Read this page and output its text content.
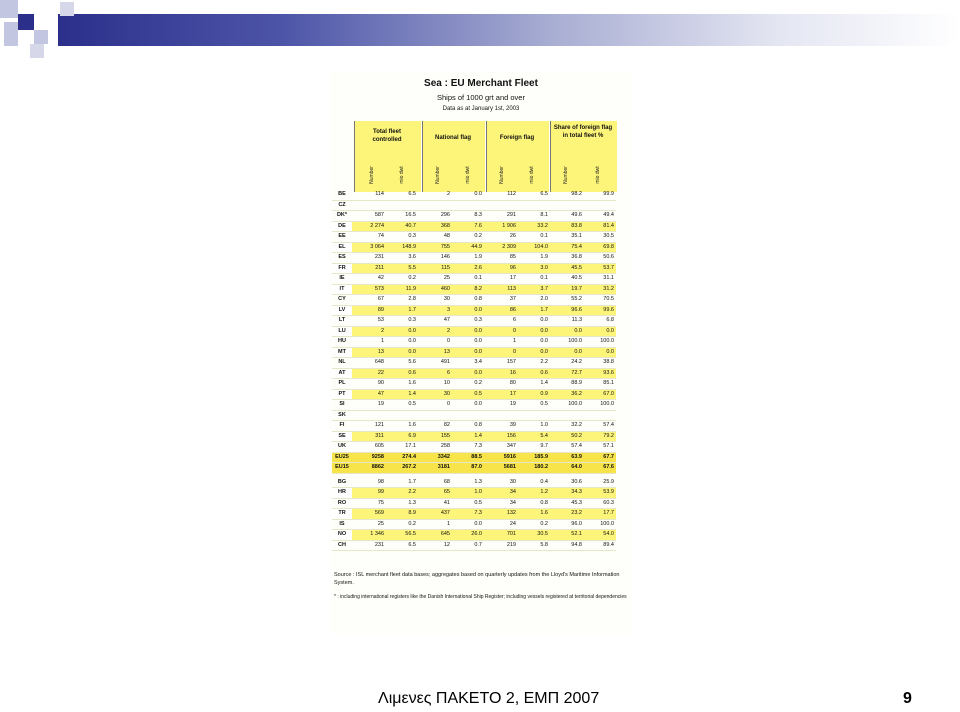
Sea : EU Merchant Fleet
Ships of 1000 grt and over
Data as at January 1st, 2003
Total fleet controlled	National flag	Foreign flag
Share of foreign flag in total fleet %
Number	mio dwt	Number	mio dwt	Number	mio dwt	Number	mio dwt
BE	114	6.5	2	0.0	112	6.5	98.2	99.9
CZ								
DK*	587	16.5	296	8.3	291	8.1	49.6	49.4
DE	2 274	40.7	368	7.6	1 906	33.2	83.8	81.4
EE	74	0.3	48	0.2	26	0.1	35.1	30.5
EL	3 064	148.9	755	44.9	2 309	104.0	75.4	69.8
ES	231	3.6	146	1.9	85	1.9	36.8	50.6
FR	211	5.5	115	2.6	96	3.0	45.5	53.7
IE	42	0.2	25	0.1	17	0.1	40.5	31.1
IT	573	11.9	460	8.2	113	3.7	19.7	31.2
CY	67	2.8	30	0.8	37	2.0	55.2	70.5
LV	89	1.7	3	0.0	86	1.7	96.6	99.6
LT	53	0.3	47	0.3	6	0.0	11.3	6.8
LU	2	0.0	2	0.0	0	0.0	0.0	0.0
HU	1	0.0	0	0.0	1	0.0	100.0	100.0
MT	13	0.0	13	0.0	0	0.0	0.0	0.0
NL	648	5.6	491	3.4	157	2.2	24.2	38.8
AT	22	0.6	6	0.0	16	0.6	72.7	93.6
PL	90	1.6	10	0.2	80	1.4	88.9	85.1
PT	47	1.4	30	0.5	17	0.9	36.2	67.0
SI	19	0.5	0	0.0	19	0.5	100.0	100.0
SK								
FI	121	1.6	82	0.8	39	1.0	32.2	57.4
SE	311	6.9	155	1.4	156	5.4	50.2	79.2
UK	605	17.1	258	7.3	347	9.7	57.4	57.1
EU25	9258	274.4	3342	88.5	5916	185.9	63.9	67.7
EU15	8862	267.2	3181	87.0	5681	180.2	64.0	67.6

BG	98	1.7	68	1.3	30	0.4	30.6	25.9
HR	99	2.2	65	1.0	34	1.2	34.3	53.9
RO	75	1.3	41	0.5	34	0.8	45.3	60.3
TR	569	8.9	437	7.3	132	1.6	23.2	17.7
IS	25	0.2	1	0.0	24	0.2	96.0	100.0
NO	1 346	56.5	645	26.0	701	30.5	52.1	54.0
CH	231	6.5	12	0.7	219	5.8	94.8	89.4
Source : ISL merchant fleet data bases; aggregates based on quarterly updates from the Lloyd's Maritime Information System.
* : including international registers like the Danish International Ship Register; including vessels registered at territorial dependencies
Λιμενες ΠΑΚΕΤΟ 2, ΕΜΠ 2007	9
